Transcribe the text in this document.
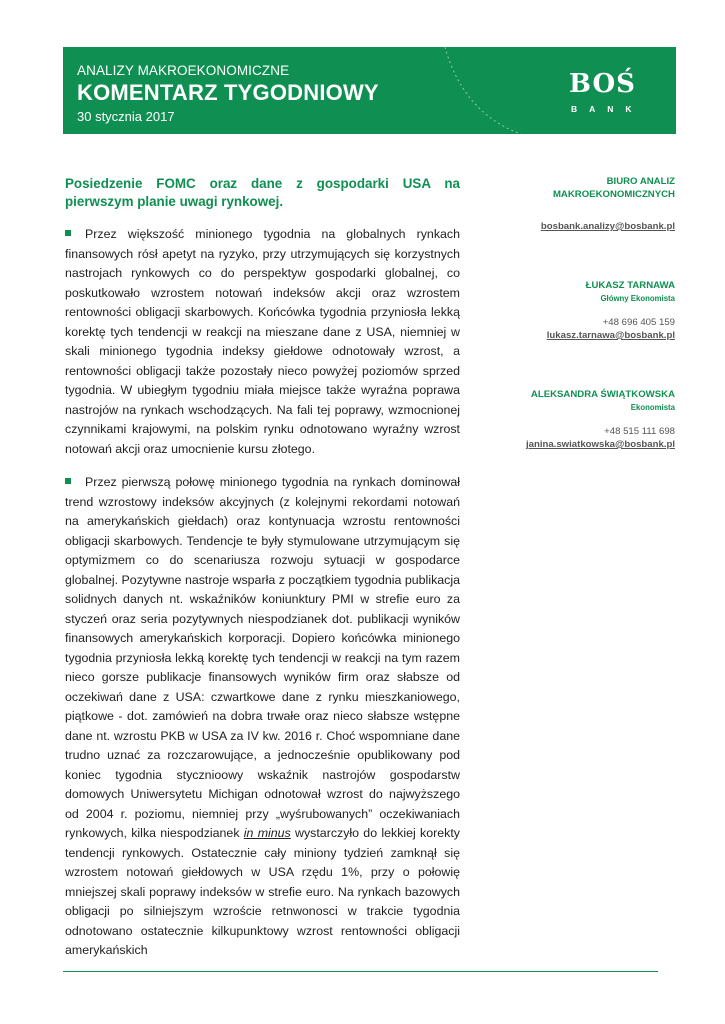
ANALIZY MAKROEKONOMICZNE
KOMENTARZ TYGODNIOWY
30 stycznia 2017
BOŚ
BANK

Posiedzenie FOMC oraz dane z gospodarki USA na pierwszym planie uwagi rynkowej.

Przez większość minionego tygodnia na globalnych rynkach finansowych rósł apetyt na ryzyko, przy utrzymujących się korzystnych nastrojach rynkowych co do perspektyw gospodarki globalnej, co poskutkowało wzrostem notowań indeksów akcji oraz wzrostem rentowności obligacji skarbowych. Końcówka tygodnia przyniosła lekką korektę tych tendencji w reakcji na mieszane dane z USA, niemniej w skali minionego tygodnia indeksy giełdowe odnotowały wzrost, a rentowności obligacji także pozostały nieco powyżej poziomów sprzed tygodnia. W ubiegłym tygodniu miała miejsce także wyraźna poprawa nastrojów na rynkach wschodzących. Na fali tej poprawy, wzmocnionej czynnikami krajowymi, na polskim rynku odnotowano wyraźny wzrost notowań akcji oraz umocnienie kursu złotego.

Przez pierwszą połowę minionego tygodnia na rynkach dominował trend wzrostowy indeksów akcyjnych (z kolejnymi rekordami notowań na amerykańskich giełdach) oraz kontynuacja wzrostu rentowności obligacji skarbowych. Tendencje te były stymulowane utrzymującym się optymizmem co do scenariusza rozwoju sytuacji w gospodarce globalnej. Pozytywne nastroje wsparła z początkiem tygodnia publikacja solidnych danych nt. wskaźników koniunktury PMI w strefie euro za styczeń oraz seria pozytywnych niespodzianek dot. publikacji wyników finansowych amerykańskich korporacji. Dopiero końcówka minionego tygodnia przyniosła lekką korektę tych tendencji w reakcji na tym razem nieco gorsze publikacje finansowych wyników firm oraz słabsze od oczekiwań dane z USA: czwartkowe dane z rynku mieszkaniowego, piątkowe - dot. zamówień na dobra trwałe oraz nieco słabsze wstępne dane nt. wzrostu PKB w USA za IV kw. 2016 r. Choć wspomniane dane trudno uznać za rozczarowujące, a jednocześnie opublikowany pod koniec tygodnia stycznioowy wskaźnik nastrojów gospodarstw domowych Uniwersytetu Michigan odnotował wzrost do najwyższego od 2004 r. poziomu, niemniej przy „wyśrubowanych” oczekiwaniach rynkowych, kilka niespodzianek in minus wystarczyło do lekkiej korekty tendencji rynkowych. Ostatecznie cały miniony tydzień zamknął się wzrostem notowań giełdowych w USA rzędu 1%, przy o połowię mniejszej skali poprawy indeksów w strefie euro. Na rynkach bazowych obligacji po silniejszym wzroście retnwonosci w trakcie tygodnia odnotowano ostatecznie kilkupunktowy wzrost rentowności obligacji amerykańskich

BIURO ANALIZ

MAKROEKONOMICZNYCH

bosbank.analizy@bosbank.pl
ŁUKASZ TARNAWA
Główny Ekonomista
+48 696 405 159
lukasz.tarnawa@bosbank.pl
ALEKSANDRA ŚWIĄTKOWSKA
Ekonomista
+48 515 111 698
janina.swiatkowska@bosbank.pl
